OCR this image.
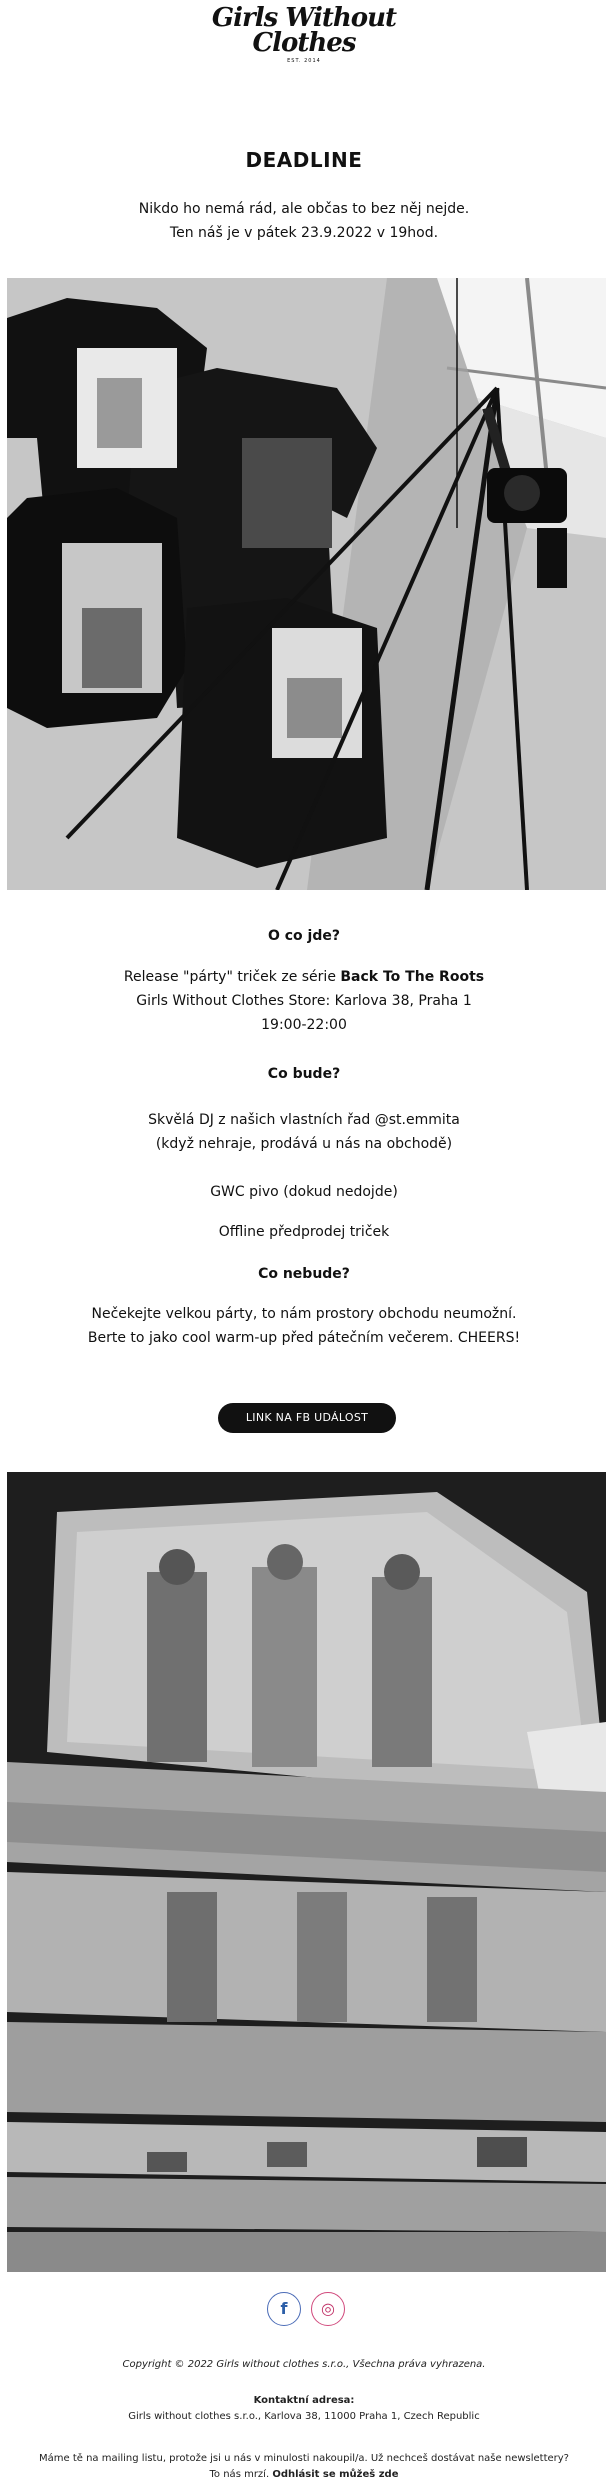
Girls Without
Clothes
EST. 2014
DEADLINE
Nikdo ho nemá rád, ale občas to bez něj nejde.
Ten náš je v pátek 23.9.2022 v 19hod.
O co jde?
Release "párty" triček ze série Back To The Roots
Girls Without Clothes Store: Karlova 38, Praha 1
19:00-22:00
Co bude?
Skvělá DJ z našich vlastních řad @st.emmita
(když nehraje, prodává u nás na obchodě)
GWC pivo (dokud nedojde)
Offline předprodej triček
Co nebude?
Nečekejte velkou párty, to nám prostory obchodu neumožní.
Berte to jako cool warm-up před pátečním večerem. CHEERS!
LINK NA FB UDÁLOST
f	◎
Copyright © 2022 Girls without clothes s.r.o., Všechna práva vyhrazena.
Kontaktní adresa:
Girls without clothes s.r.o., Karlova 38, 11000 Praha 1, Czech Republic
Máme tě na mailing listu, protože jsi u nás v minulosti nakoupil/a. Už nechceš dostávat naše newslettery?
To nás mrzí. Odhlásit se můžeš zde
